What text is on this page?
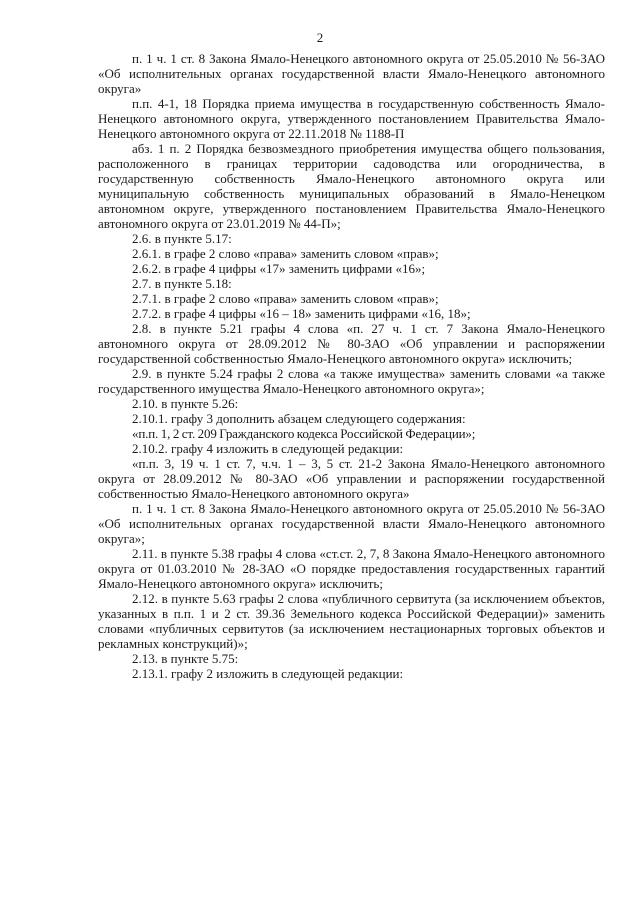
2

п. 1 ч. 1 ст. 8 Закона Ямало-Ненецкого автономного округа от 25.05.2010 № 56-ЗАО «Об исполнительных органах государственной власти Ямало-Ненецкого автономного округа»

п.п. 4-1, 18 Порядка приема имущества в государственную собственность Ямало-Ненецкого автономного округа, утвержденного постановлением Правительства Ямало-Ненецкого автономного округа от 22.11.2018 № 1188-П

абз. 1 п. 2 Порядка безвозмездного приобретения имущества общего пользования, расположенного в границах территории садоводства или огородничества, в государственную собственность Ямало-Ненецкого автономного округа или муниципальную собственность муниципальных образований в Ямало-Ненецком автономном округе, утвержденного постановлением Правительства Ямало-Ненецкого автономного округа от 23.01.2019 № 44-П»;

2.6. в пункте 5.17:

2.6.1. в графе 2 слово «права» заменить словом «прав»;

2.6.2. в графе 4 цифры «17» заменить цифрами «16»;

2.7. в пункте 5.18:

2.7.1. в графе 2 слово «права» заменить словом «прав»;

2.7.2. в графе 4 цифры «16 – 18» заменить цифрами «16, 18»;

2.8. в пункте 5.21 графы 4 слова «п. 27 ч. 1 ст. 7 Закона Ямало-Ненецкого автономного округа от 28.09.2012 № 80-ЗАО «Об управлении и распоряжении государственной собственностью Ямало-Ненецкого автономного округа» исключить;

2.9. в пункте 5.24 графы 2 слова «а также имущества» заменить словами «а также государственного имущества Ямало-Ненецкого автономного округа»;

2.10. в пункте 5.26:

2.10.1. графу 3 дополнить абзацем следующего содержания:

«п.п. 1, 2 ст. 209 Гражданского кодекса Российской Федерации»;

2.10.2. графу 4 изложить в следующей редакции:

«п.п. 3, 19 ч. 1 ст. 7, ч.ч. 1 – 3, 5 ст. 21-2 Закона Ямало-Ненецкого автономного округа от 28.09.2012 № 80-ЗАО «Об управлении и распоряжении государственной собственностью Ямало-Ненецкого автономного округа»

п. 1 ч. 1 ст. 8 Закона Ямало-Ненецкого автономного округа от 25.05.2010 № 56-ЗАО «Об исполнительных органах государственной власти Ямало-Ненецкого автономного округа»;

2.11. в пункте 5.38 графы 4 слова «ст.ст. 2, 7, 8 Закона Ямало-Ненецкого автономного округа от 01.03.2010 № 28-ЗАО «О порядке предоставления государственных гарантий Ямало-Ненецкого автономного округа» исключить;

2.12. в пункте 5.63 графы 2 слова «публичного сервитута (за исключением объектов, указанных в п.п. 1 и 2 ст. 39.36 Земельного кодекса Российской Федерации)» заменить словами «публичных сервитутов (за исключением нестационарных торговых объектов и рекламных конструкций)»;

2.13. в пункте 5.75:

2.13.1. графу 2 изложить в следующей редакции:
